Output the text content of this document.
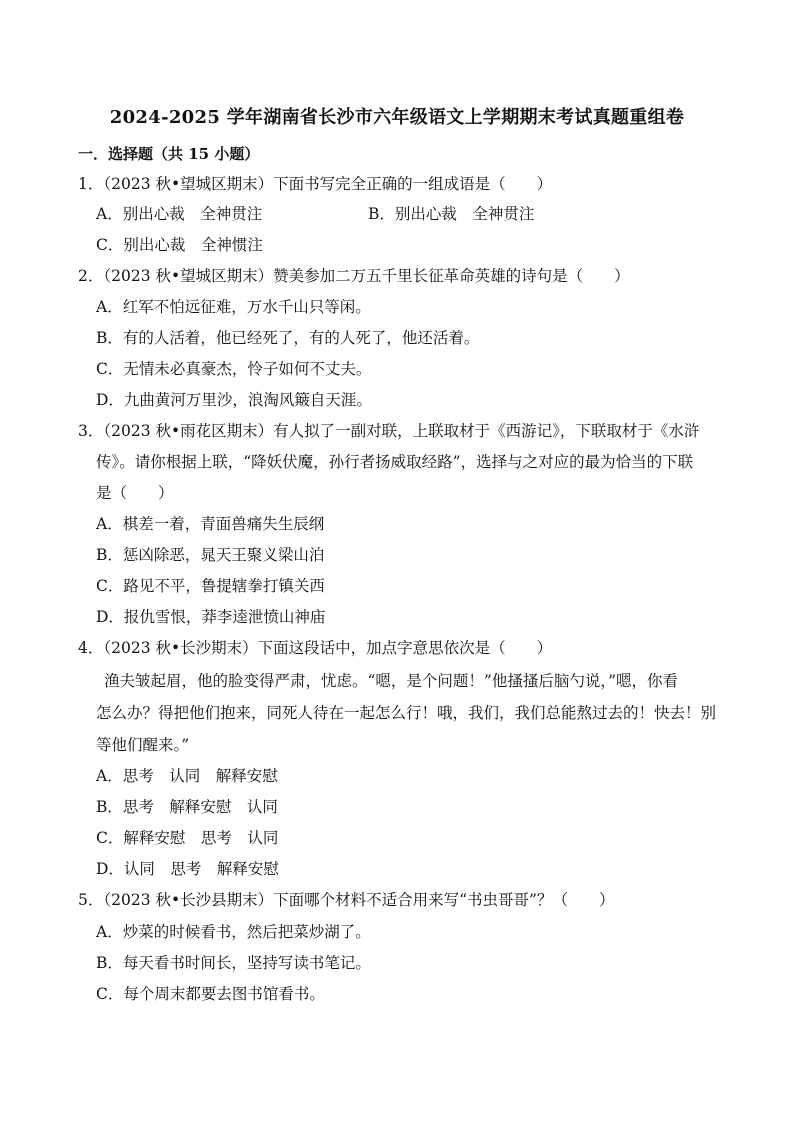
2024-2025 学年湖南省长沙市六年级语文上学期期末考试真题重组卷
一．选择题（共 15 小题）
1．（2023 秋•望城区期末）下面书写完全正确的一组成语是（　　）
A．别出心裁　全神贯注	B．别出心裁　全神贯注
C．别出心裁　全神惯注
2．（2023 秋•望城区期末）赞美参加二万五千里长征革命英雄的诗句是（　　）
A．红军不怕远征难，万水千山只等闲。
B．有的人活着，他已经死了，有的人死了，他还活着。
C．无情未必真豪杰，怜子如何不丈夫。
D．九曲黄河万里沙，浪淘风簸自天涯。
3．（2023 秋•雨花区期末）有人拟了一副对联，上联取材于《西游记》，下联取材于《水浒
传》。请你根据上联，“降妖伏魔，孙行者扬威取经路”，选择与之对应的最为恰当的下联
是（　　）
A．棋差一着，青面兽痛失生辰纲
B．惩凶除恶，晁天王聚义梁山泊
C．路见不平，鲁提辖拳打镇关西
D．报仇雪恨，莽李逵泄愤山神庙
4．（2023 秋•长沙期末）下面这段话中，加点字意思依次是（　　）
渔夫皱起眉，他的脸变得严肃，忧虑。“嗯，是个问题！”他搔搔后脑勺说，”嗯，你看
怎么办？得把他们抱来，同死人待在一起怎么行！哦，我们，我们总能熬过去的！快去！别
等他们醒来。”
A．思考　认同　解释安慰
B．思考　解释安慰　认同
C．解释安慰　思考　认同
D．认同　思考　解释安慰
5．（2023 秋•长沙县期末）下面哪个材料不适合用来写“书虫哥哥”？（　　）
A．炒菜的时候看书，然后把菜炒湖了。
B．每天看书时间长，坚持写读书笔记。
C．每个周末都要去图书馆看书。
